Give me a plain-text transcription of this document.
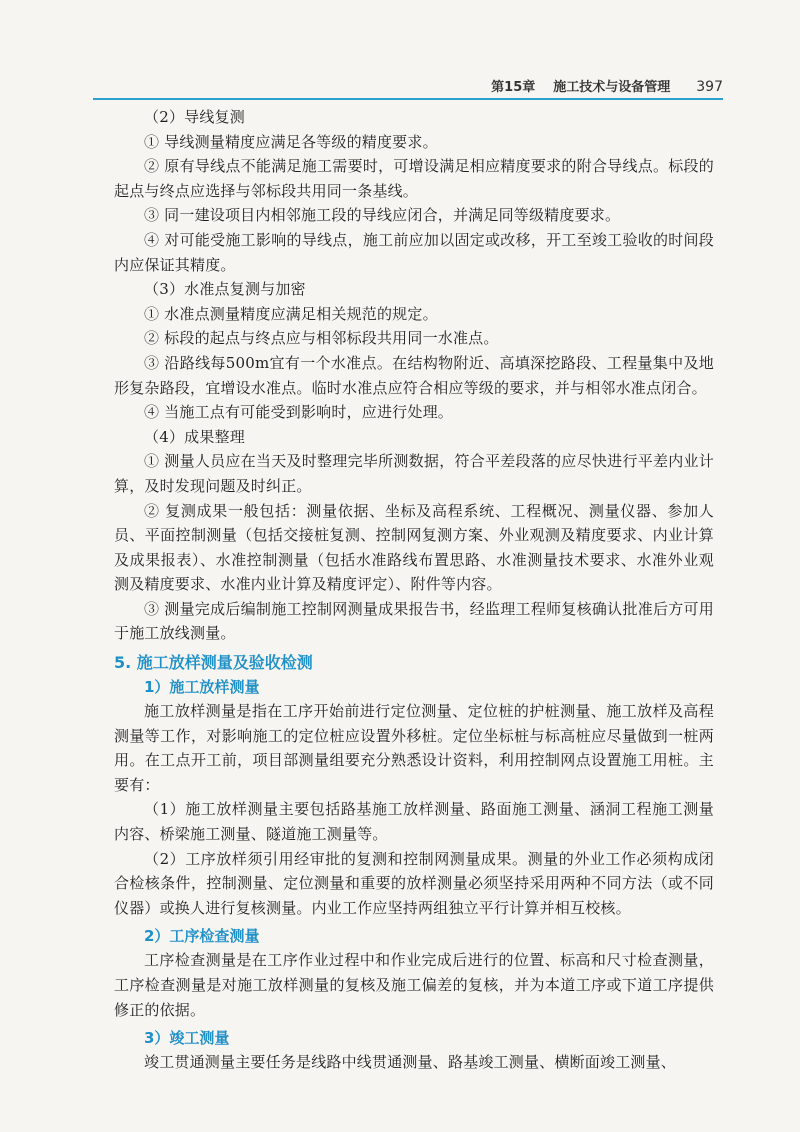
第15章 施工技术与设备管理 397

（2）导线复测

① 导线测量精度应满足各等级的精度要求。

② 原有导线点不能满足施工需要时，可增设满足相应精度要求的附合导线点。标段的起点与终点应选择与邻标段共用同一条基线。

③ 同一建设项目内相邻施工段的导线应闭合，并满足同等级精度要求。

④ 对可能受施工影响的导线点，施工前应加以固定或改移，开工至竣工验收的时间段内应保证其精度。

（3）水准点复测与加密

① 水准点测量精度应满足相关规范的规定。

② 标段的起点与终点应与相邻标段共用同一水准点。

③ 沿路线每500m宜有一个水准点。在结构物附近、高填深挖路段、工程量集中及地形复杂路段，宜增设水准点。临时水准点应符合相应等级的要求，并与相邻水准点闭合。

④ 当施工点有可能受到影响时，应进行处理。

（4）成果整理

① 测量人员应在当天及时整理完毕所测数据，符合平差段落的应尽快进行平差内业计算，及时发现问题及时纠正。

② 复测成果一般包括：测量依据、坐标及高程系统、工程概况、测量仪器、参加人员、平面控制测量（包括交接桩复测、控制网复测方案、外业观测及精度要求、内业计算及成果报表）、水准控制测量（包括水准路线布置思路、水准测量技术要求、水准外业观测及精度要求、水准内业计算及精度评定）、附件等内容。

③ 测量完成后编制施工控制网测量成果报告书，经监理工程师复核确认批准后方可用于施工放线测量。

5. 施工放样测量及验收检测
1）施工放样测量

施工放样测量是指在工序开始前进行定位测量、定位桩的护桩测量、施工放样及高程测量等工作，对影响施工的定位桩应设置外移桩。定位坐标桩与标高桩应尽量做到一桩两用。在工点开工前，项目部测量组要充分熟悉设计资料，利用控制网点设置施工用桩。主要有：

（1）施工放样测量主要包括路基施工放样测量、路面施工测量、涵洞工程施工测量内容、桥梁施工测量、隧道施工测量等。

（2）工序放样须引用经审批的复测和控制网测量成果。测量的外业工作必须构成闭合检核条件，控制测量、定位测量和重要的放样测量必须坚持采用两种不同方法（或不同仪器）或换人进行复核测量。内业工作应坚持两组独立平行计算并相互校核。

2）工序检查测量

工序检查测量是在工序作业过程中和作业完成后进行的位置、标高和尺寸检查测量，工序检查测量是对施工放样测量的复核及施工偏差的复核，并为本道工序或下道工序提供修正的依据。

3）竣工测量

竣工贯通测量主要任务是线路中线贯通测量、路基竣工测量、横断面竣工测量、
